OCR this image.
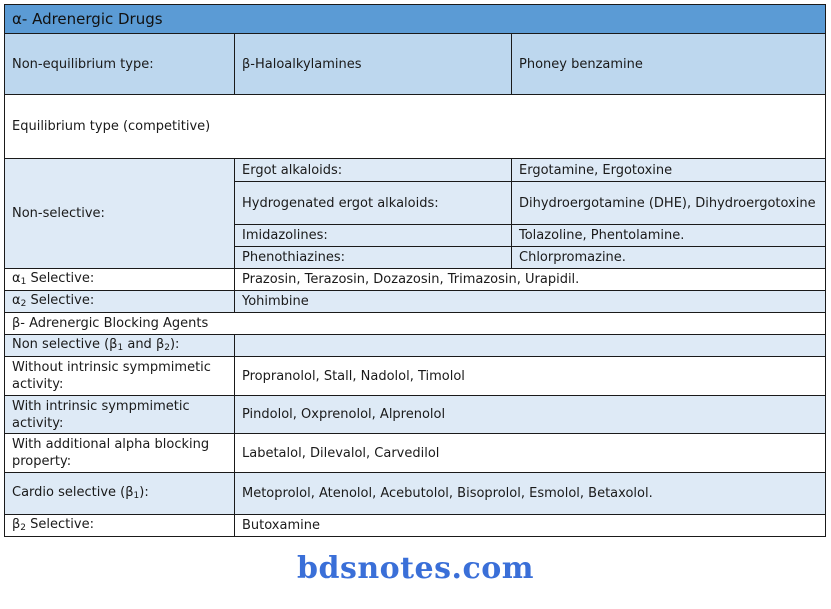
α- Adrenergic Drugs		
Non-equilibrium type:	β-Haloalkylamines	Phoney benzamine
Equilibrium type (competitive)		
Non-selective:	Ergot alkaloids:	Ergotamine, Ergotoxine
	Hydrogenated ergot alkaloids:	Dihydroergotamine (DHE), Dihydroergotoxine
	Imidazolines:	Tolazoline, Phentolamine.
	Phenothiazines:	Chlorpromazine.
$\alpha_1$ Selective:	Prazosin, Terazosin, Dozazosin, Trimazosin, Urapidil.	
$\alpha_2$ Selective:	Yohimbine	
β- Adrenergic Blocking Agents		
Non selective ($\beta_1$ and $\beta_2$):		
Without intrinsic sympmimetic activity:	Propranolol, Stall, Nadolol, Timolol	
With intrinsic sympmimetic activity:	Pindolol, Oxprenolol, Alprenolol	
With additional alpha blocking property:	Labetalol, Dilevalol, Carvedilol	
Cardio selective $(\beta_1)$:	Metoprolol, Atenolol, Acebutolol, Bisoprolol, Esmolol, Betaxolol.	
$\beta_2$ Selective:	Butoxamine	
bdsnotes.com
